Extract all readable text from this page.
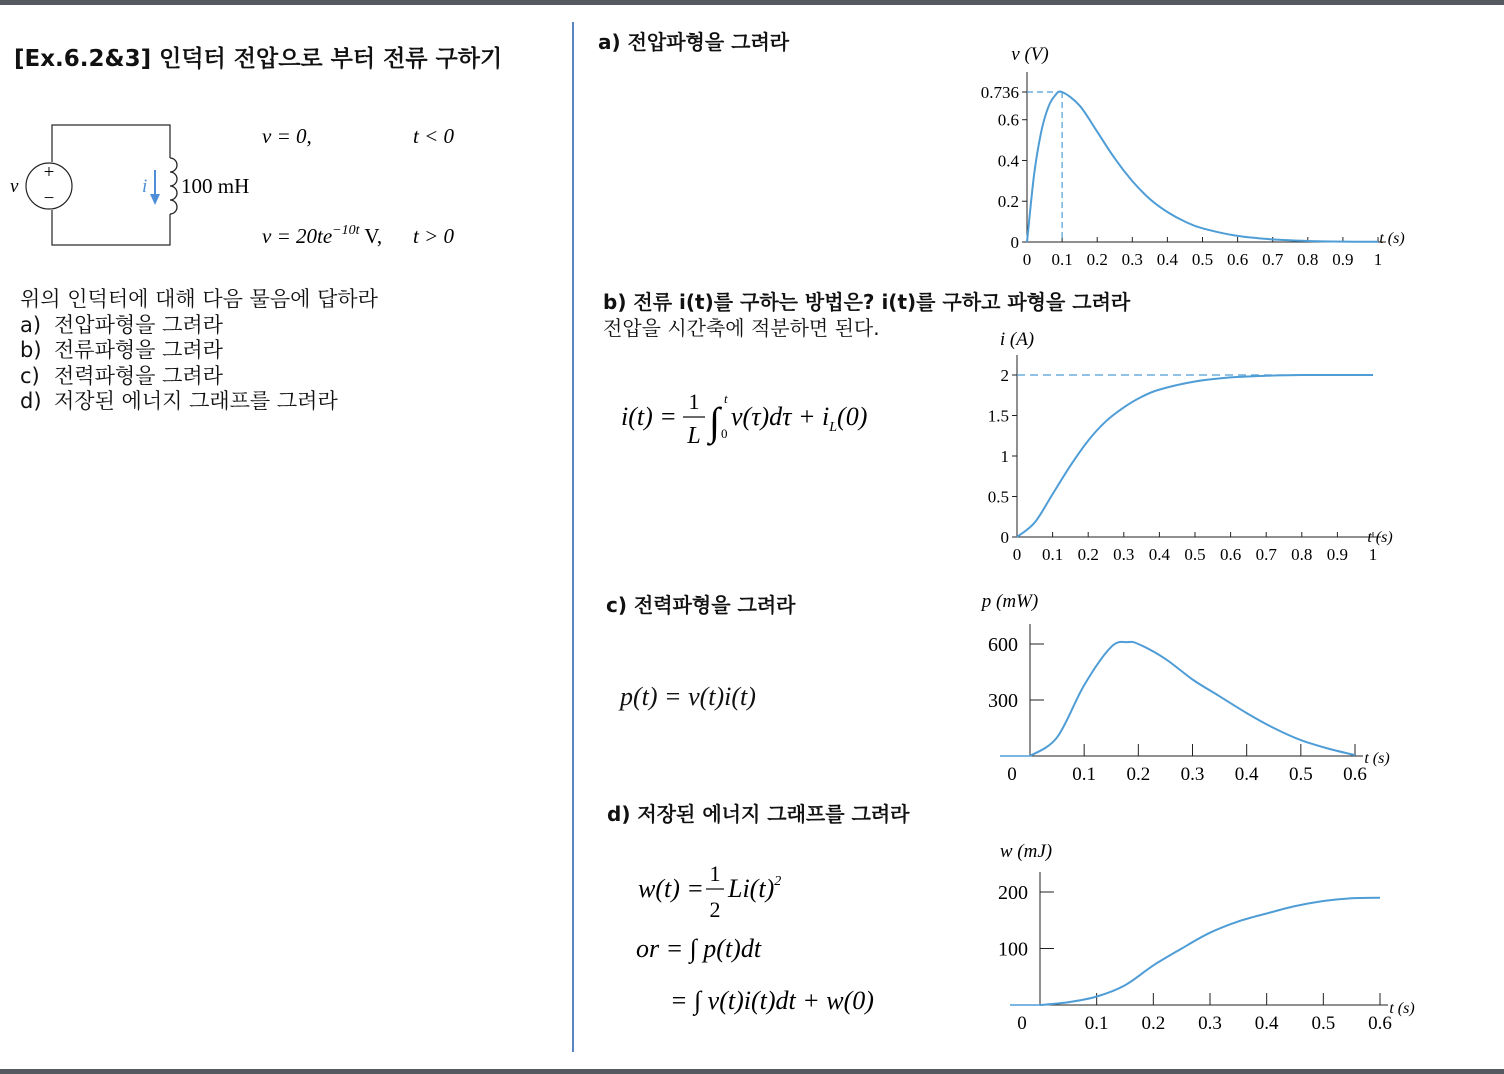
[Ex.6.2&3] 인덕터 전압으로 부터 전류 구하기
+
−
v	i 100 mH
v = 0,	t < 0
$v = 20te^{-10t}$ V, t > 0
위의 인덕터에 대해 다음 물음에 답하라
a) 전압파형을 그려라
b) 전류파형을 그려라
c) 전력파형을 그려라
d) 저장된 에너지 그래프를 그려라
a) 전압파형을 그려라
b) 전류 i(t)를 구하는 방법은? i(t)를 구하고 파형을 그려라
전압을 시간축에 적분하면 된다.
c) 전력파형을 그려라
d) 저장된 에너지 그래프를 그려라
i(t) =
1
L ∫
t
0
$v(\tau)d\tau + i_L(0)$
p(t) = v(t)i(t)
w(t) =
1
2
$Li(t)^2$
or = ∫ p(t)dt
= ∫ v(t)i(t)dt + w(0)
v (V)
t (s)
0 0.1 0.2 0.3 0.4 0.5 0.6 0.7 0.8 0.9 1
0
0.2
0.4
0.6
0.736
i (A)
t (s)
0 0.1 0.2 0.3 0.4 0.5 0.6 0.7 0.8 0.9 1
0
0.5
1
1.5
2
p (mW)
t (s)
0	0.1 0.2 0.3 0.4 0.5 0.6
300
600
w (mJ)
t (s)
0	0.1 0.2 0.3 0.4 0.5 0.6
100
200
